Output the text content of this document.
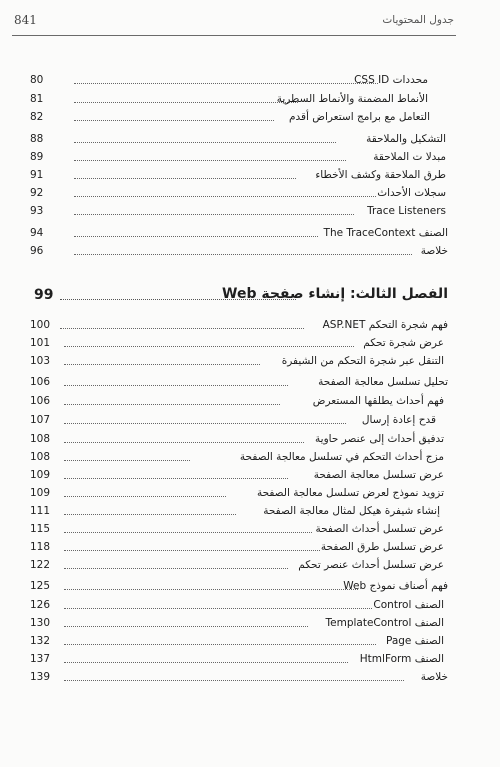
841	جدول المحتويات
80	محددات CSS ID
81	الأنماط المضمنة والأنماط السطرية
82	التعامل مع برامج استعراض أقدم
88	التشكيل والملاحقة
89	مبدلا ت الملاحقة
91	طرق الملاحقة وكشف الأخطاء
92	سجلات الأحداث
93	Trace Listeners
94	الصنف The TraceContext
96	خلاصة
99	الفصل الثالث: إنشاء صفحة Web
100	فهم شجرة التحكم ASP.NET
101	عرض شجرة تحكم
103	التنقل عبر شجرة التحكم من الشيفرة
106	تحليل تسلسل معالجة الصفحة
106	فهم أحداث يطلقها المستعرض
107	قدح إعادة إرسال
108	تدفيق أحداث إلى عنصر حاوية
108	مزج أحداث التحكم في تسلسل معالجة الصفحة
109	عرض تسلسل معالجة الصفحة
109	تزويد نموذج لعرض تسلسل معالجة الصفحة
111	إنشاء شيفرة هيكل لمثال معالجة الصفحة
115	عرض تسلسل أحداث الصفحة
118	عرض تسلسل طرق الصفحة
122	عرض تسلسل أحداث عنصر تحكم
125	فهم أصناف نموذج Web
126	الصنف Control
130	الصنف TemplateControl
132	الصنف Page
137	الصنف HtmlForm
139	خلاصة
